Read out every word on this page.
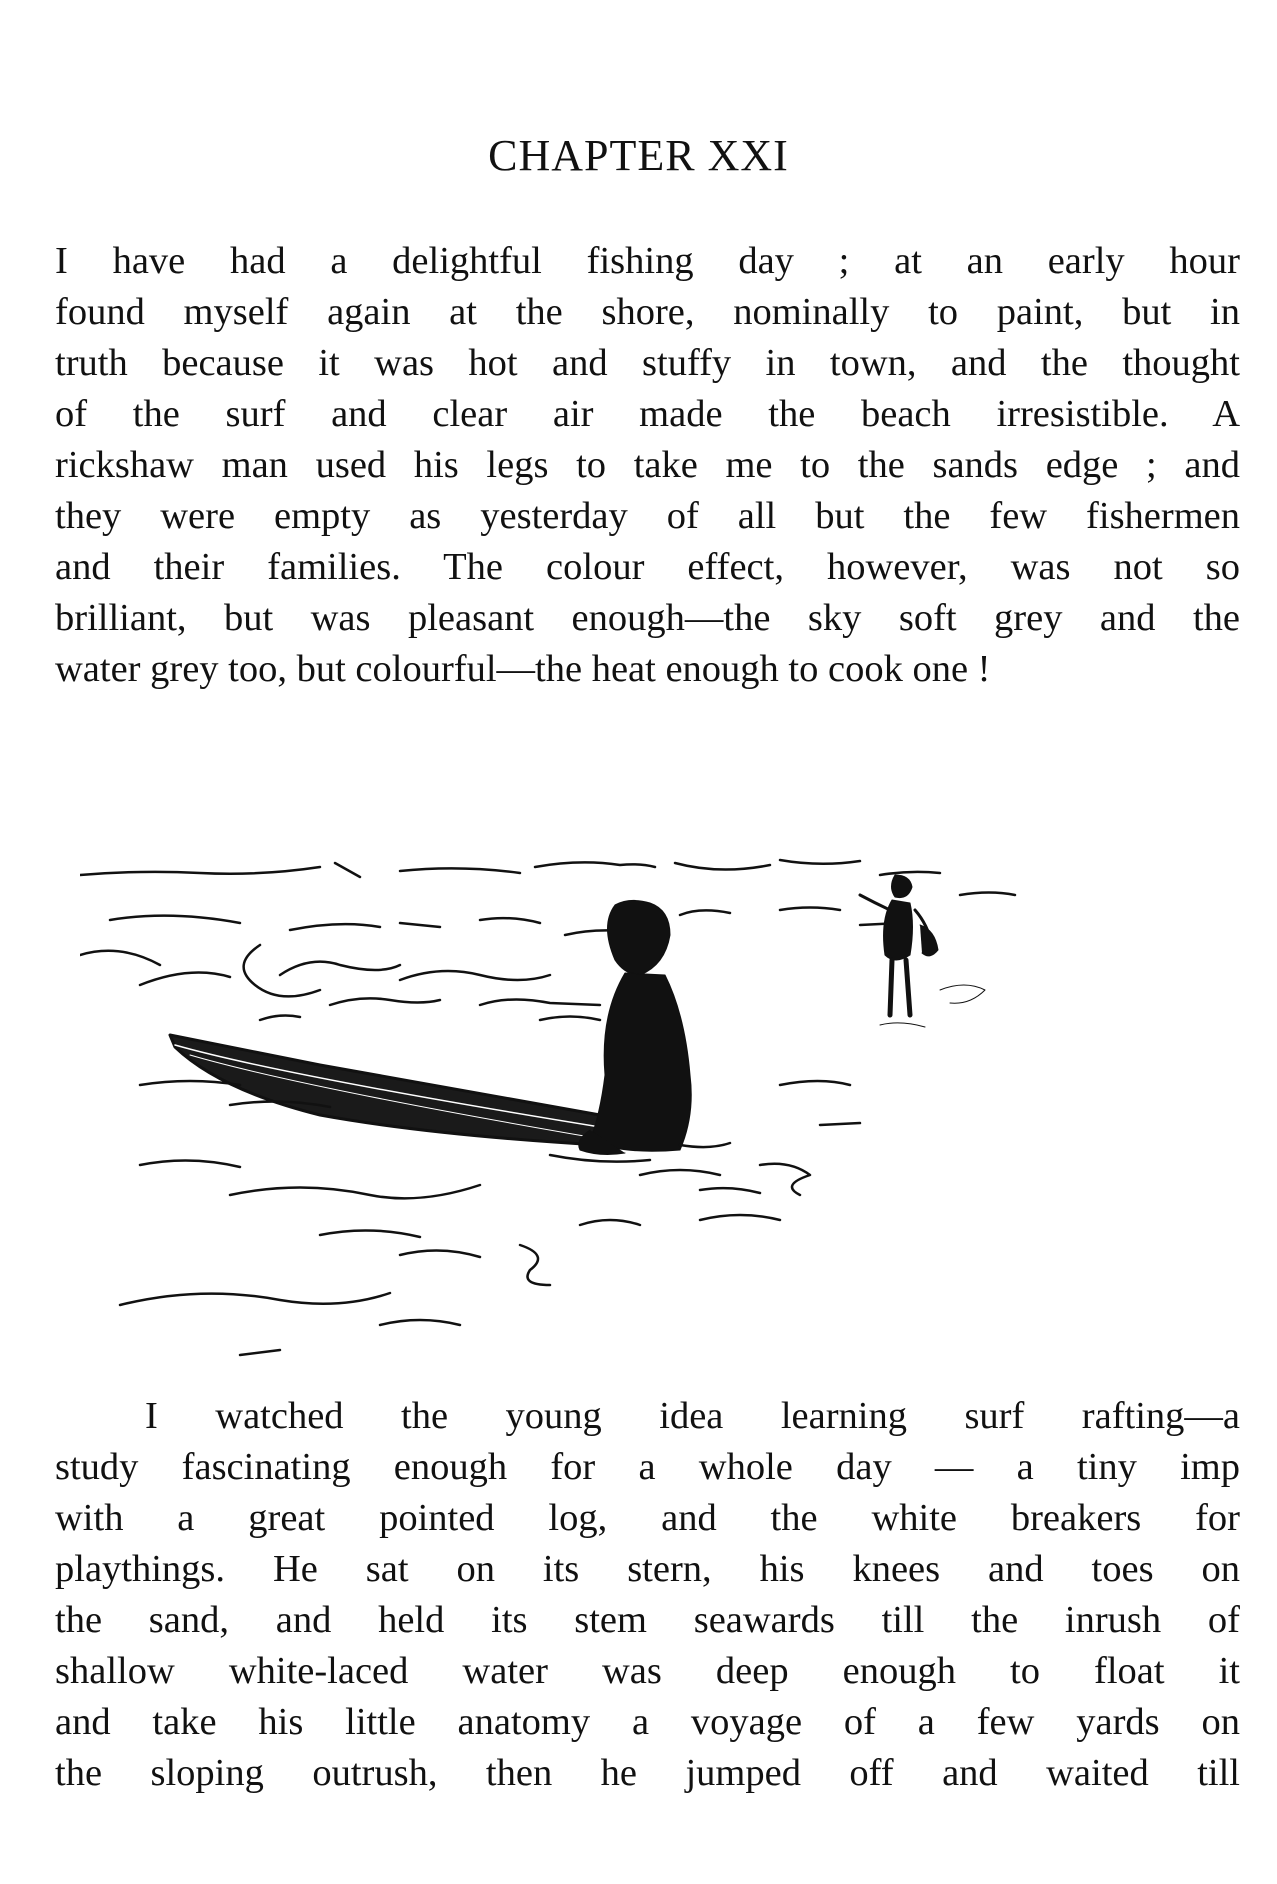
CHAPTER XXI
I have had a delightful fishing day ; at an early hour
found myself again at the shore, nominally to paint, but in
truth because it was hot and stuffy in town, and the thought
of the surf and clear air made the beach irresistible. A
rickshaw man used his legs to take me to the sands edge ; and
they were empty as yesterday of all but the few fishermen
and their families. The colour effect, however, was not so
brilliant, but was pleasant enough—the sky soft grey and the
water grey too, but colourful—the heat enough to cook one !
I watched the young idea learning surf rafting—a
study fascinating enough for a whole day — a tiny imp
with a great pointed log, and the white breakers for
playthings. He sat on its stern, his knees and toes on
the sand, and held its stem seawards till the inrush of
shallow white-laced water was deep enough to float it
and take his little anatomy a voyage of a few yards on
the sloping outrush, then he jumped off and waited till
